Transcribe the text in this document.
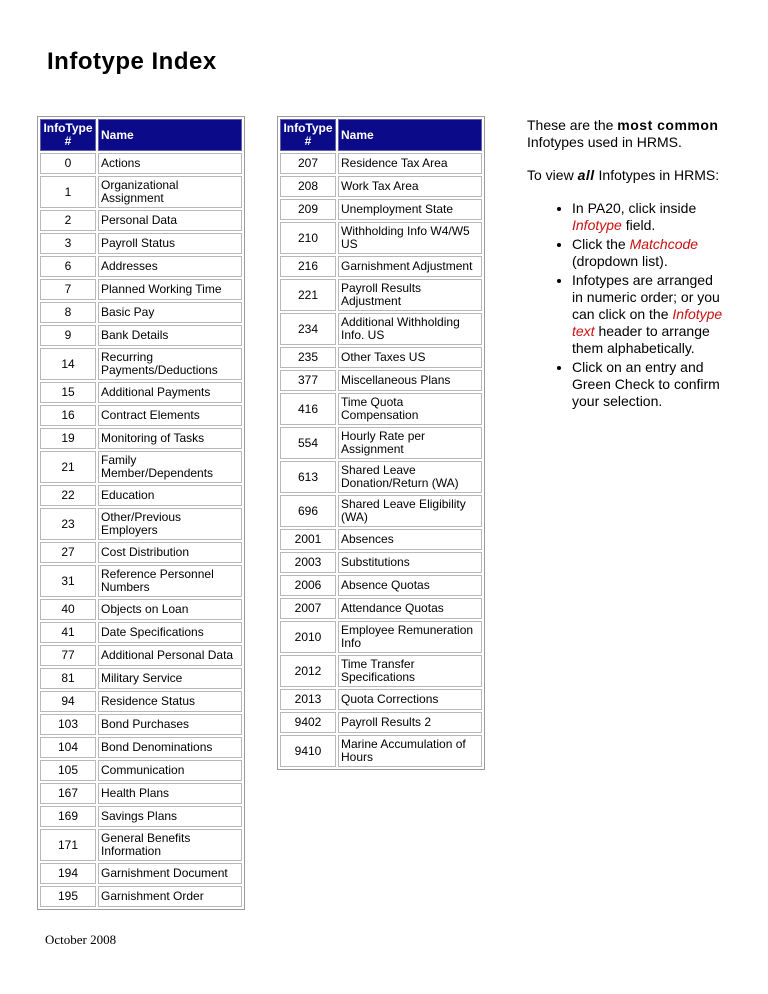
Infotype Index
InfoType #	Name
0	Actions
1	Organizational Assignment
2	Personal Data
3	Payroll Status
6	Addresses
7	Planned Working Time
8	Basic Pay
9	Bank Details
14	Recurring Payments/Deductions
15	Additional Payments
16	Contract Elements
19	Monitoring of Tasks
21	Family Member/Dependents
22	Education
23	Other/Previous Employers
27	Cost Distribution
31	Reference Personnel Numbers
40	Objects on Loan
41	Date Specifications
77	Additional Personal Data
81	Military Service
94	Residence Status
103	Bond Purchases
104	Bond Denominations
105	Communication
167	Health Plans
169	Savings Plans
171	General Benefits Information
194	Garnishment Document
195	Garnishment Order
InfoType #	Name
207	Residence Tax Area
208	Work Tax Area
209	Unemployment State
210	Withholding Info W4/W5 US
216	Garnishment Adjustment
221	Payroll Results Adjustment
234	Additional Withholding Info. US
235	Other Taxes US
377	Miscellaneous Plans
416	Time Quota Compensation
554	Hourly Rate per Assignment
613	Shared Leave Donation/Return (WA)
696	Shared Leave Eligibility (WA)
2001	Absences
2003	Substitutions
2006	Absence Quotas
2007	Attendance Quotas
2010	Employee Remuneration Info
2012	Time Transfer Specifications
2013	Quota Corrections
9402	Payroll Results 2
9410	Marine Accumulation of Hours

These are the most common Infotypes used in HRMS.

To view all Infotypes in HRMS:

• In PA20, click inside Infotype field.
• Click the Matchcode (dropdown list).
• Infotypes are arranged in numeric order; or you can click on the Infotype text header to arrange them alphabetically.
• Click on an entry and Green Check to confirm your selection.
October 2008
